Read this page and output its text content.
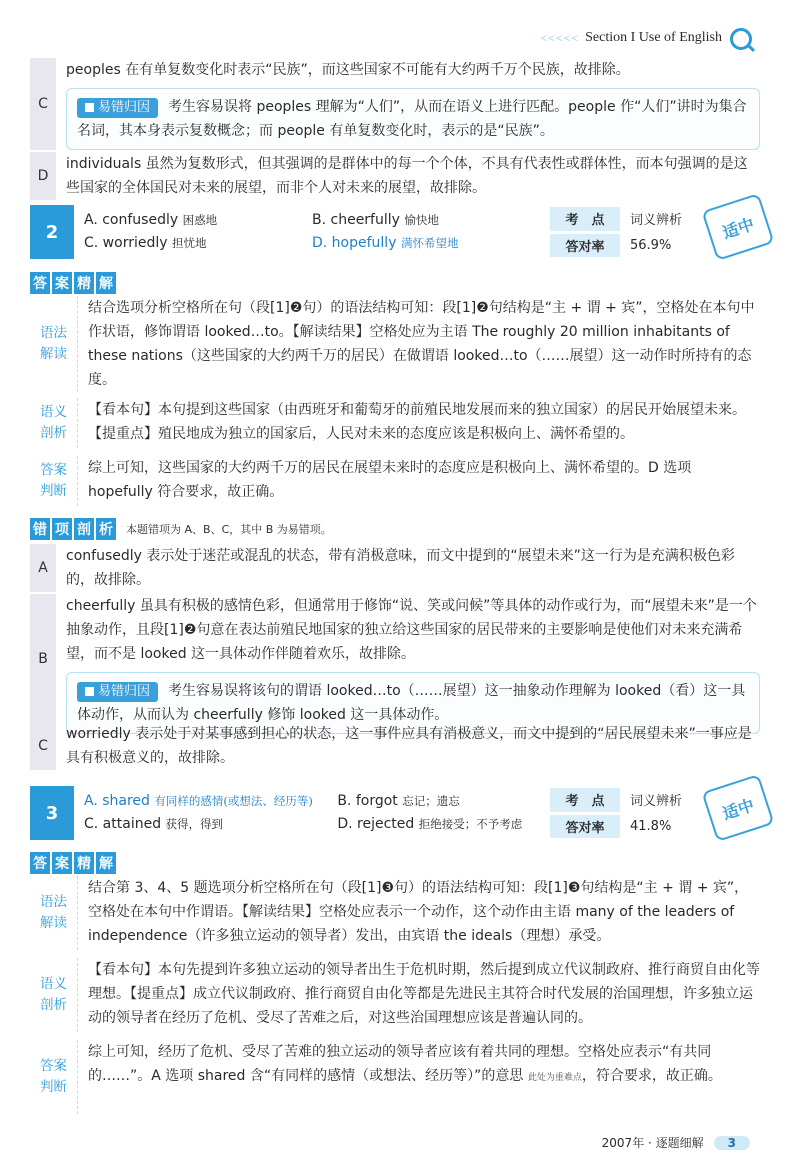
<<<<< Section I Use of English
C
peoples 在有单复数变化时表示“民族”，而这些国家不可能有大约两千万个民族，故排除。
易错归因 考生容易误将 peoples 理解为“人们”，从而在语义上进行匹配。people 作“人们”讲时为集合名词，其本身表示复数概念；而 people 有单复数变化时，表示的是“民族”。
D
individuals 虽然为复数形式，但其强调的是群体中的每一个个体，不具有代表性或群体性，而本句强调的是这些国家的全体国民对未来的展望，而非个人对未来的展望，故排除。
2
A. confusedly 困惑地	B. cheerfully 愉快地
C. worriedly 担忧地	D. hopefully 满怀希望地
考　点	词义辨析
答对率	56.9%
适中
答 案 精 解
语法
解读
结合选项分析空格所在句（段[1]❷句）的语法结构可知：段[1]❷句结构是“主 + 谓 + 宾”，空格处在本句中作状语，修饰谓语 looked…to。【解读结果】空格处应为主语 The roughly 20 million inhabitants of these nations（这些国家的大约两千万的居民）在做谓语 looked…to（……展望）这一动作时所持有的态度。
语义
剖析
【看本句】本句提到这些国家（由西班牙和葡萄牙的前殖民地发展而来的独立国家）的居民开始展望未来。【提重点】殖民地成为独立的国家后，人民对未来的态度应该是积极向上、满怀希望的。
答案
判断
综上可知，这些国家的大约两千万的居民在展望未来时的态度应是积极向上、满怀希望的。D 选项 hopefully 符合要求，故正确。
错 项 剖 析 本题错项为 A、B、C，其中 B 为易错项。
A
confusedly 表示处于迷茫或混乱的状态，带有消极意味，而文中提到的“展望未来”这一行为是充满积极色彩的，故排除。
B
cheerfully 虽具有积极的感情色彩，但通常用于修饰“说、笑或问候”等具体的动作或行为，而“展望未来”是一个抽象动作，且段[1]❷句意在表达前殖民地国家的独立给这些国家的居民带来的主要影响是使他们对未来充满希望，而不是 looked 这一具体动作伴随着欢乐，故排除。
易错归因 考生容易误将该句的谓语 looked…to（……展望）这一抽象动作理解为 looked（看）这一具体动作，从而认为 cheerfully 修饰 looked 这一具体动作。
C
worriedly 表示处于对某事感到担心的状态，这一事件应具有消极意义，而文中提到的“居民展望未来”一事应是具有积极意义的，故排除。
3
A. shared 有同样的感情(或想法、经历等)	B. forgot 忘记；遗忘
C. attained 获得，得到	D. rejected 拒绝接受；不予考虑
考　点	词义辨析
答对率	41.8%
适中
答 案 精 解
语法
解读
结合第 3、4、5 题选项分析空格所在句（段[1]❸句）的语法结构可知：段[1]❸句结构是“主 + 谓 + 宾”，空格处在本句中作谓语。【解读结果】空格处应表示一个动作，这个动作由主语 many of the leaders of independence（许多独立运动的领导者）发出，由宾语 the ideals（理想）承受。
语义
剖析
【看本句】本句先提到许多独立运动的领导者出生于危机时期，然后提到成立代议制政府、推行商贸自由化等理想。【提重点】成立代议制政府、推行商贸自由化等都是先进民主其符合时代发展的治国理想，许多独立运动的领导者在经历了危机、受尽了苦难之后，对这些治国理想应该是普遍认同的。
答案
判断
综上可知，经历了危机、受尽了苦难的独立运动的领导者应该有着共同的理想。空格处应表示“有共同的……”。A 选项 shared 含“有同样的感情（或想法、经历等）”的意思 此处为重难点，符合要求，故正确。
2007年 · 逐题细解	3
